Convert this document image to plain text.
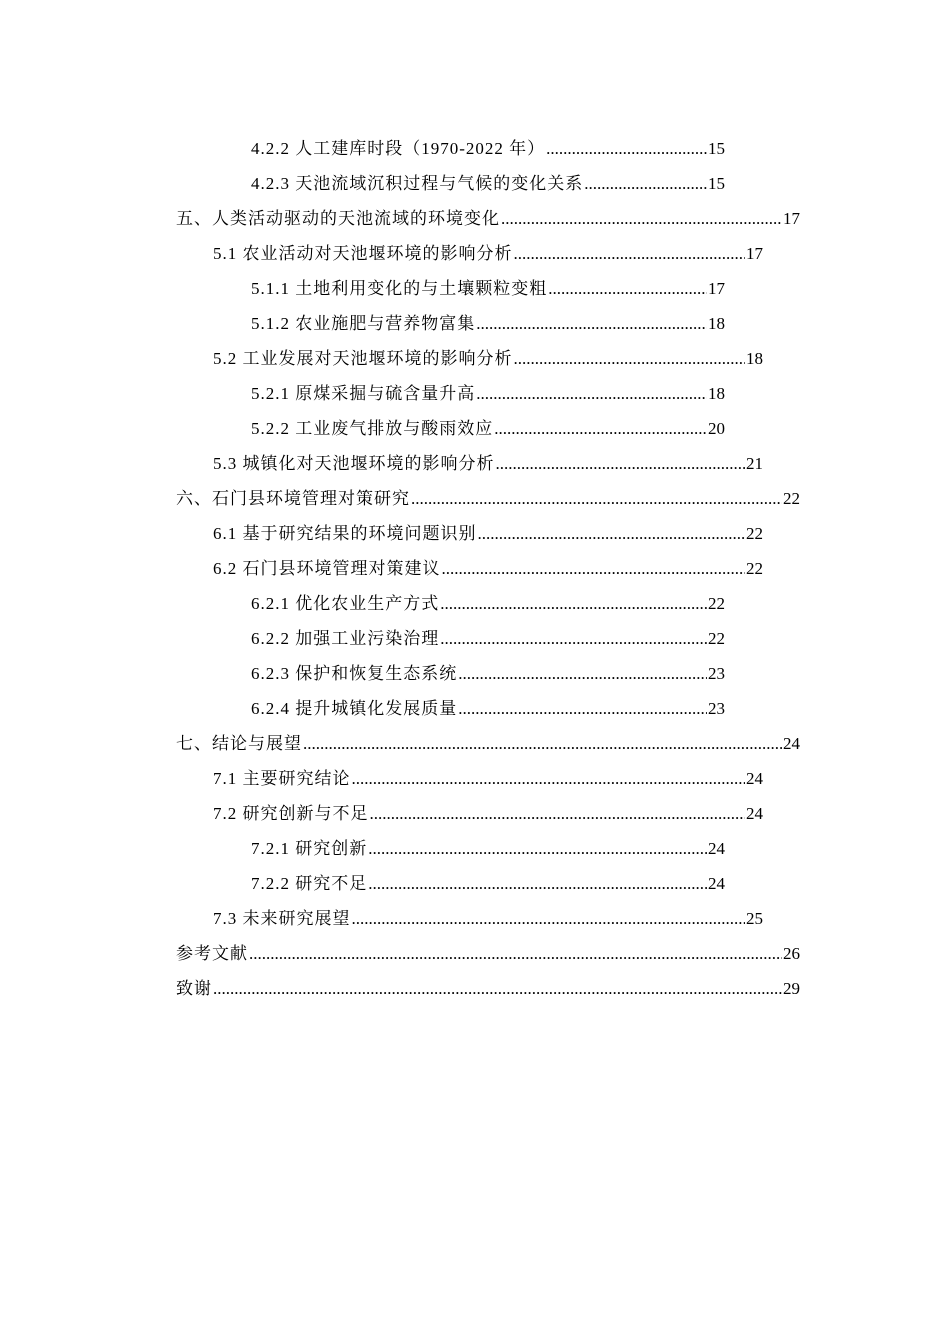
4.2.2 人工建库时段（1970-2022 年） .....	15
4.2.3 天池流域沉积过程与气候的变化关系 .....	15
五、人类活动驱动的天池流域的环境变化 .....	17
5.1 农业活动对天池堰环境的影响分析 .....	17
5.1.1 土地利用变化的与土壤颗粒变粗 .....	17
5.1.2 农业施肥与营养物富集 .....	18
5.2 工业发展对天池堰环境的影响分析 .....	18
5.2.1 原煤采掘与硫含量升高 .....	18
5.2.2 工业废气排放与酸雨效应 .....	20
5.3 城镇化对天池堰环境的影响分析 .....	21
六、石门县环境管理对策研究 .....	22
6.1 基于研究结果的环境问题识别 .....	22
6.2 石门县环境管理对策建议 .....	22
6.2.1 优化农业生产方式 .....	22
6.2.2 加强工业污染治理 .....	22
6.2.3 保护和恢复生态系统 .....	23
6.2.4 提升城镇化发展质量 .....	23
七、结论与展望 .....	24
7.1 主要研究结论 .....	24
7.2 研究创新与不足 .....	24
7.2.1 研究创新 .....	24
7.2.2 研究不足 .....	24
7.3 未来研究展望 .....	25
参考文献 .....	26
致谢 .....	29
